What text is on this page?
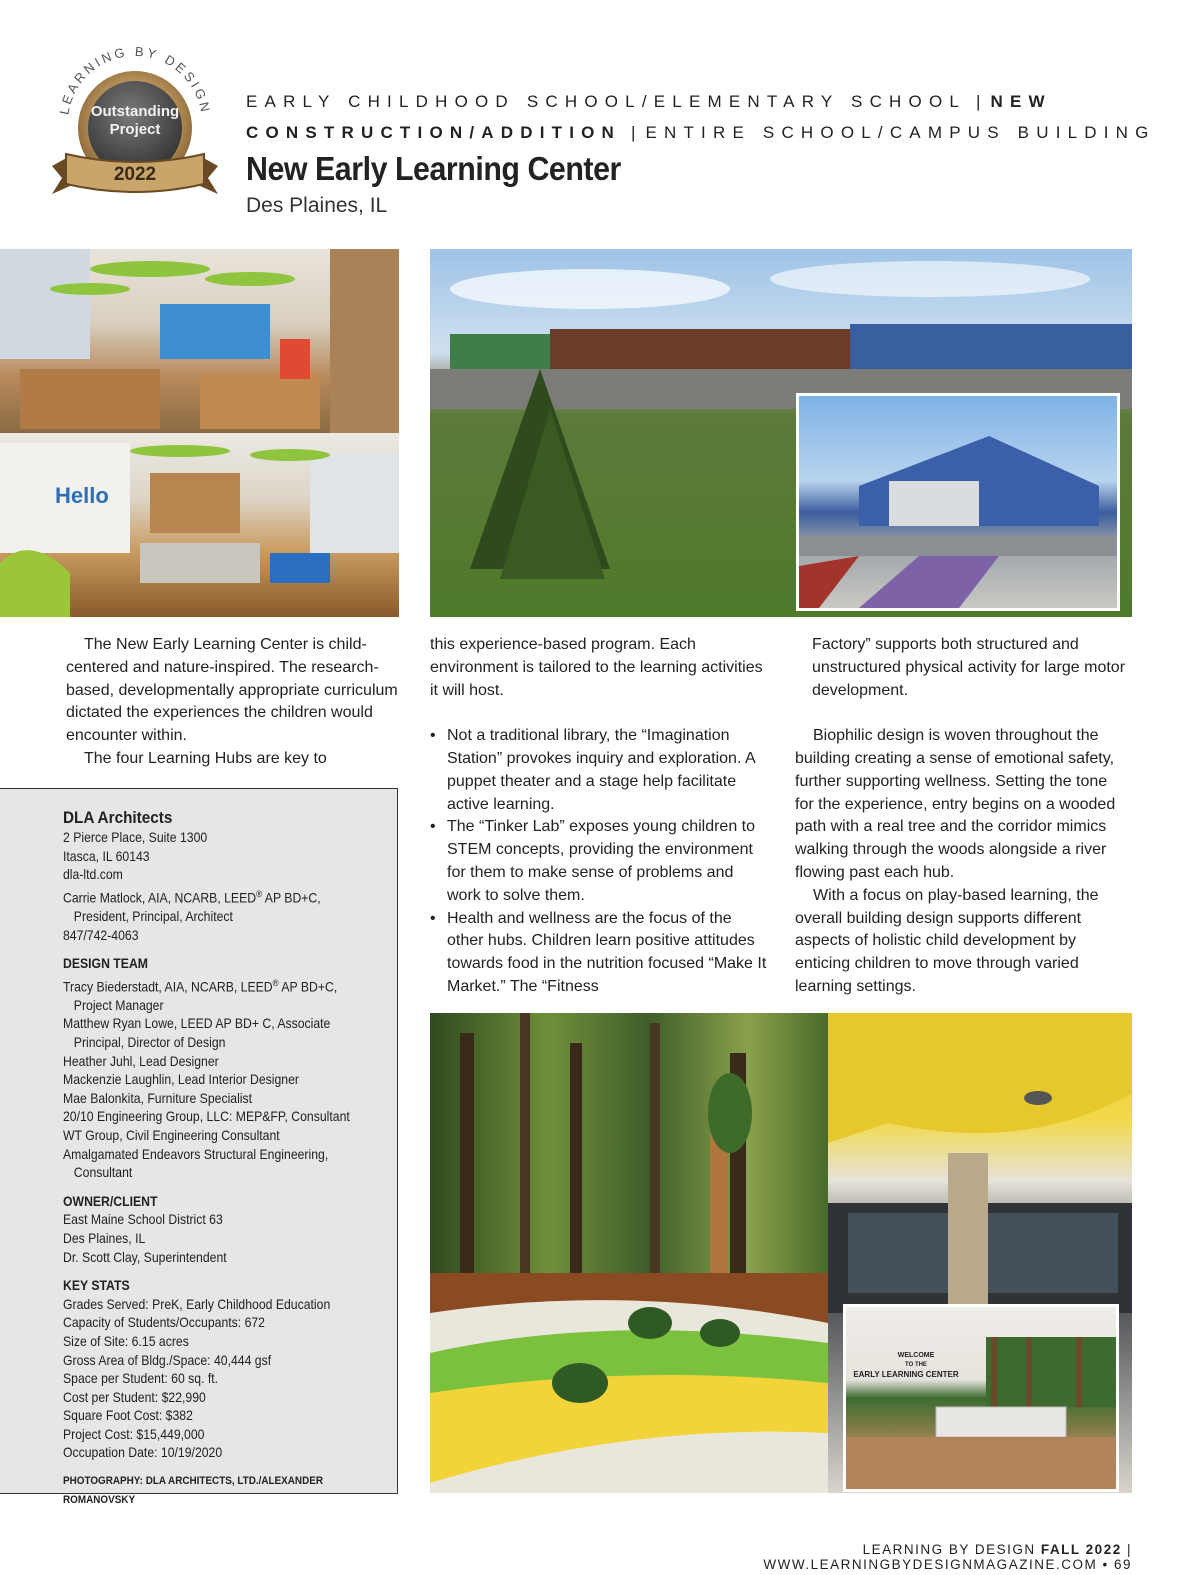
LEARNING BY DESIGN
Outstanding
Project
2022
EARLY CHILDHOOD SCHOOL/ELEMENTARY SCHOOL | NEW CONSTRUCTION/ADDITION | ENTIRE SCHOOL/CAMPUS BUILDING
New Early Learning Center
Des Plaines, IL
Hello
WELCOME
TO THE
EARLY LEARNING CENTER

The New Early Learning Center is child-centered and nature-inspired. The research-based, developmentally appropriate curriculum dictated the experiences the children would encounter within.

The four Learning Hubs are key to

this experience-based program. Each environment is tailored to the learning activities it will host.

• Not a traditional library, the “Imagination Station” provokes inquiry and exploration. A puppet theater and a stage help facilitate active learning.
• The “Tinker Lab” exposes young children to STEM concepts, providing the environment for them to make sense of problems and work to solve them.
• Health and wellness are the focus of the other hubs. Children learn positive attitudes towards food in the nutrition focused “Make It Market.” The “Fitness

Factory” supports both structured and unstructured physical activity for large motor development.

Biophilic design is woven throughout the building creating a sense of emotional safety, further supporting wellness. Setting the tone for the experience, entry begins on a wooded path with a real tree and the corridor mimics walking through the woods alongside a river flowing past each hub.

With a focus on play-based learning, the overall building design supports different aspects of holistic child development by enticing children to move through varied learning settings.

DLA Architects
2 Pierce Place, Suite 1300
Itasca, IL 60143
dla-ltd.com
Carrie Matlock, AIA, NCARB, LEED® AP BD+C, President, Principal, Architect
847/742-4063
DESIGN TEAM
Tracy Biederstadt, AIA, NCARB, LEED® AP BD+C, Project Manager
Matthew Ryan Lowe, LEED AP BD+ C, Associate Principal, Director of Design
Heather Juhl, Lead Designer
Mackenzie Laughlin, Lead Interior Designer
Mae Balonkita, Furniture Specialist
20/10 Engineering Group, LLC: MEP&FP, Consultant
WT Group, Civil Engineering Consultant
Amalgamated Endeavors Structural Engineering, Consultant
OWNER/CLIENT
East Maine School District 63
Des Plaines, IL
Dr. Scott Clay, Superintendent
KEY STATS
Grades Served: PreK, Early Childhood Education
Capacity of Students/Occupants: 672
Size of Site: 6.15 acres
Gross Area of Bldg./Space: 40,444 gsf
Space per Student: 60 sq. ft.
Cost per Student: $22,990
Square Foot Cost: $382
Project Cost: $15,449,000
Occupation Date: 10/19/2020
PHOTOGRAPHY: DLA ARCHITECTS, LTD./ALEXANDER ROMANOVSKY
LEARNING BY DESIGN FALL 2022 | WWW.LEARNINGBYDESIGNMAGAZINE.COM • 69
